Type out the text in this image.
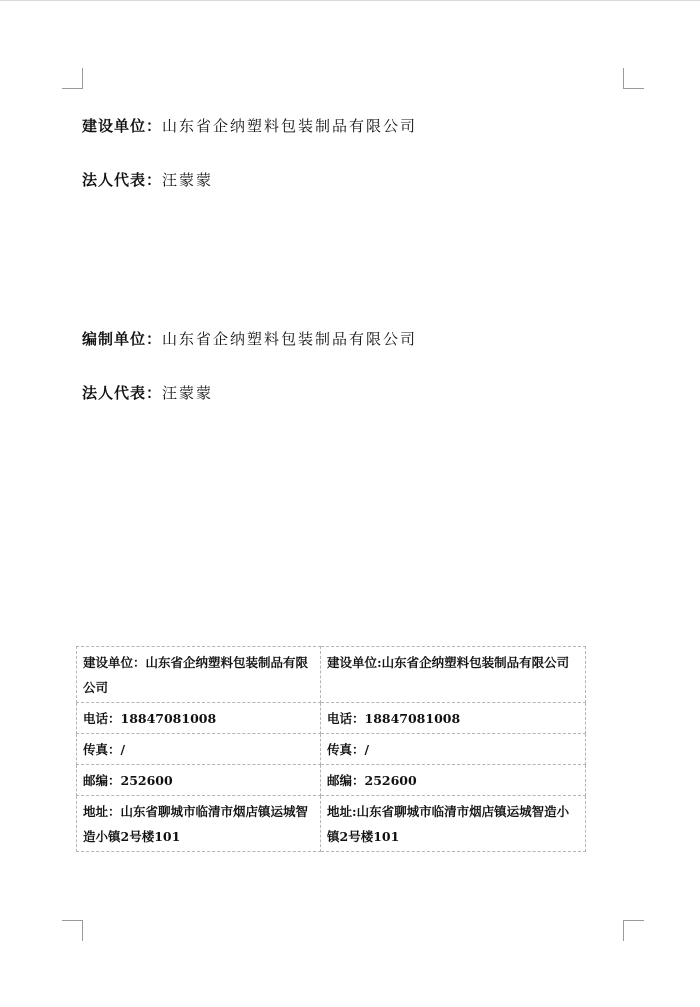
建设单位：山东省企纳塑料包装制品有限公司
法人代表：汪蒙蒙
编制单位：山东省企纳塑料包装制品有限公司
法人代表：汪蒙蒙
建设单位：山东省企纳塑料包装制品有限公司	建设单位:山东省企纳塑料包装制品有限公司
电话：18847081008	电话：18847081008
传真：/	传真：/
邮编：252600	邮编：252600
地址：山东省聊城市临清市烟店镇运城智造小镇2号楼101	地址:山东省聊城市临清市烟店镇运城智造小镇2号楼101
